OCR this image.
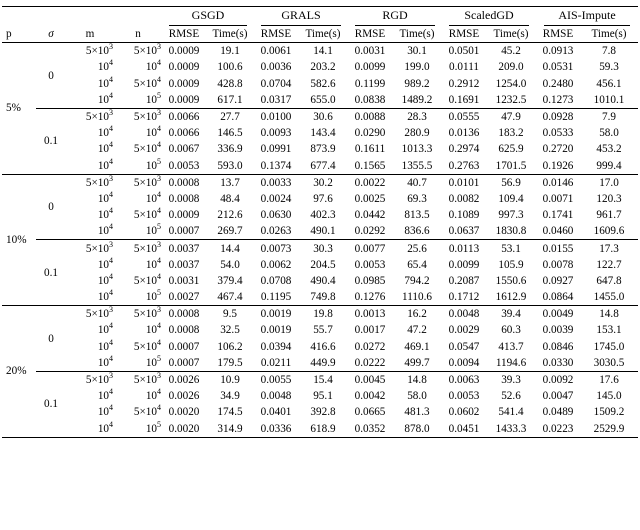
				GSGD		GRALS		RGD		ScaledGD		AIS-Impute	
p	σ	m	n	RMSE	Time(s)	RMSE	Time(s)	RMSE	Time(s)	RMSE	Time(s)	RMSE	Time(s)
5%	0	$5\times 10^3$	$5\times 10^3$	0.0009	19.1	0.0061	14.1	0.0031	30.1	0.0501	45.2	0.0913	7.8
		$10^4$	$10^4$	0.0009	100.6	0.0036	203.2	0.0099	199.0	0.0111	209.0	0.0531	59.3
		$10^4$	$5\times 10^4$	0.0009	428.8	0.0704	582.6	0.1199	989.2	0.2912	1254.0	0.2480	456.1
		$10^4$	$10^5$	0.0009	617.1	0.0317	655.0	0.0838	1489.2	0.1691	1232.5	0.1273	1010.1
	0.1	$5\times 10^3$	$5\times 10^3$	0.0066	27.7	0.0100	30.6	0.0088	28.3	0.0555	47.9	0.0928	7.9
		$10^4$	$10^4$	0.0066	146.5	0.0093	143.4	0.0290	280.9	0.0136	183.2	0.0533	58.0
		$10^4$	$5\times 10^4$	0.0067	336.9	0.0991	873.9	0.1611	1013.3	0.2974	625.9	0.2720	453.2
		$10^4$	$10^5$	0.0053	593.0	0.1374	677.4	0.1565	1355.5	0.2763	1701.5	0.1926	999.4
10%	0	$5\times 10^3$	$5\times 10^3$	0.0008	13.7	0.0033	30.2	0.0022	40.7	0.0101	56.9	0.0146	17.0
		$10^4$	$10^4$	0.0008	48.4	0.0024	97.6	0.0025	69.3	0.0082	109.4	0.0071	120.3
		$10^4$	$5\times 10^4$	0.0009	212.6	0.0630	402.3	0.0442	813.5	0.1089	997.3	0.1741	961.7
		$10^4$	$10^5$	0.0007	269.7	0.0263	490.1	0.0292	836.6	0.0637	1830.8	0.0460	1609.6
	0.1	$5\times 10^3$	$5\times 10^3$	0.0037	14.4	0.0073	30.3	0.0077	25.6	0.0113	53.1	0.0155	17.3
		$10^4$	$10^4$	0.0037	54.0	0.0062	204.5	0.0053	65.4	0.0099	105.9	0.0078	122.7
		$10^4$	$5\times 10^4$	0.0031	379.4	0.0708	490.4	0.0985	794.2	0.2087	1550.6	0.0927	647.8
		$10^4$	$10^5$	0.0027	467.4	0.1195	749.8	0.1276	1110.6	0.1712	1612.9	0.0864	1455.0
20%	0	$5\times 10^3$	$5\times 10^3$	0.0008	9.5	0.0019	19.8	0.0013	16.2	0.0048	39.4	0.0049	14.8
		$10^4$	$10^4$	0.0008	32.5	0.0019	55.7	0.0017	47.2	0.0029	60.3	0.0039	153.1
		$10^4$	$5\times 10^4$	0.0007	106.2	0.0394	416.6	0.0272	469.1	0.0547	413.7	0.0846	1745.0
		$10^4$	$10^5$	0.0007	179.5	0.0211	449.9	0.0222	499.7	0.0094	1194.6	0.0330	3030.5
	0.1	$5\times 10^3$	$5\times 10^3$	0.0026	10.9	0.0055	15.4	0.0045	14.8	0.0063	39.3	0.0092	17.6
		$10^4$	$10^4$	0.0026	34.9	0.0048	95.1	0.0042	58.0	0.0053	52.6	0.0047	145.0
		$10^4$	$5\times 10^4$	0.0020	174.5	0.0401	392.8	0.0665	481.3	0.0602	541.4	0.0489	1509.2
		$10^4$	$10^5$	0.0020	314.9	0.0336	618.9	0.0352	878.0	0.0451	1433.3	0.0223	2529.9
